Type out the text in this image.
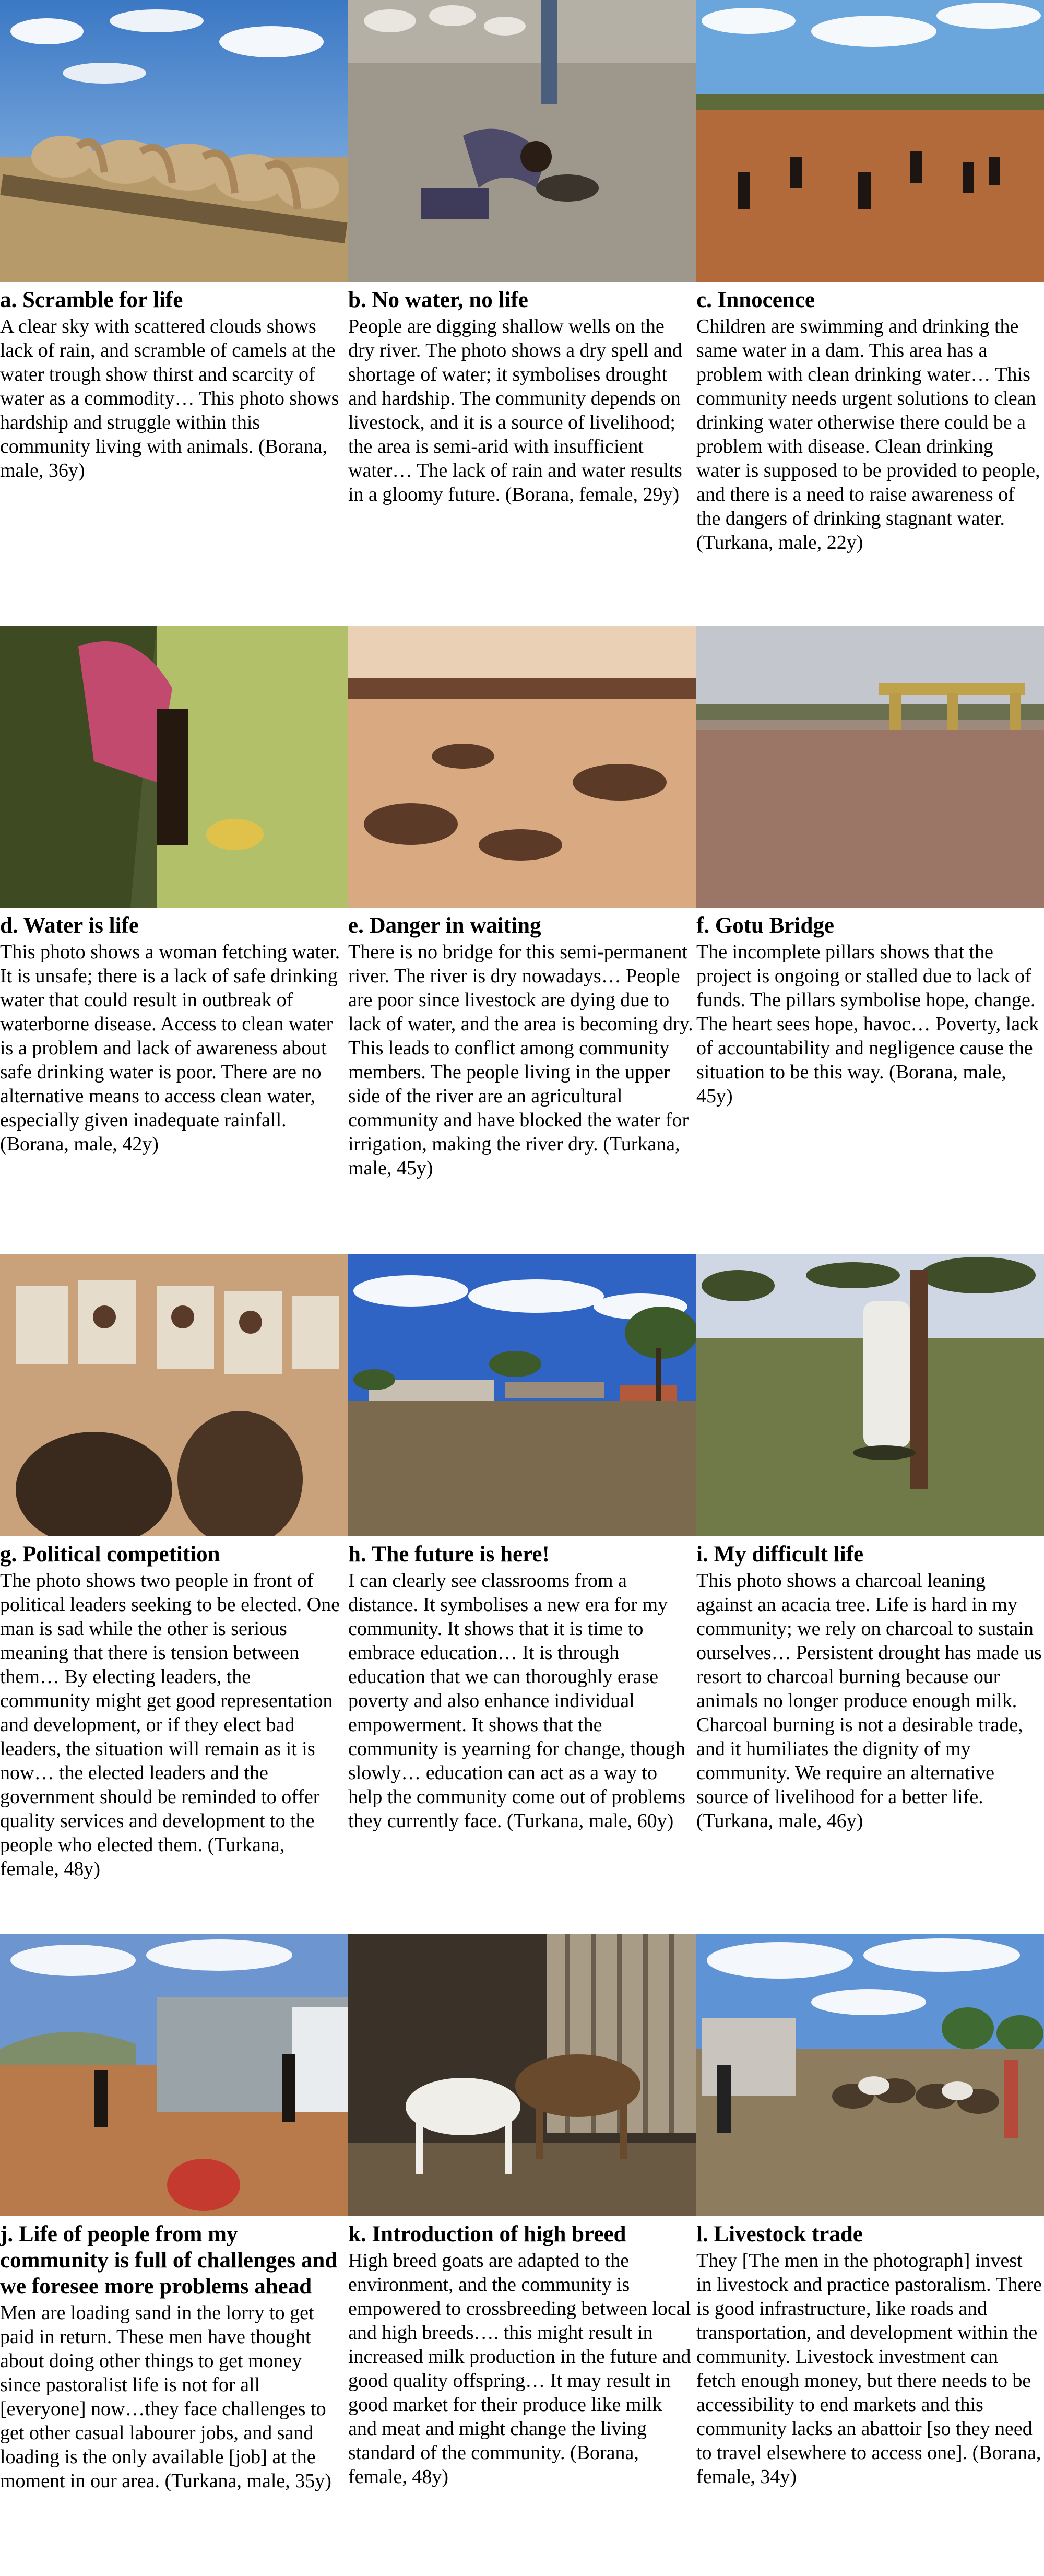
a. Scramble for life
A clear sky with scattered clouds shows lack of rain, and scramble of camels at the water trough show thirst and scarcity of water as a commodity… This photo shows hardship and struggle within this community living with animals. (Borana, male, 36y)
b. No water, no life
People are digging shallow wells on the dry river. The photo shows a dry spell and shortage of water; it symbolises drought and hardship. The community depends on livestock, and it is a source of livelihood; the area is semi-arid with insufficient water… The lack of rain and water results in a gloomy future. (Borana, female, 29y)
c. Innocence
Children are swimming and drinking the same water in a dam. This area has a problem with clean drinking water… This community needs urgent solutions to clean drinking water otherwise there could be a problem with disease. Clean drinking water is supposed to be provided to people, and there is a need to raise awareness of the dangers of drinking stagnant water. (Turkana, male, 22y)
d. Water is life
This photo shows a woman fetching water. It is unsafe; there is a lack of safe drinking water that could result in outbreak of waterborne disease. Access to clean water is a problem and lack of awareness about safe drinking water is poor. There are no alternative means to access clean water, especially given inadequate rainfall. (Borana, male, 42y)
e. Danger in waiting
There is no bridge for this semi-permanent river. The river is dry nowadays… People are poor since livestock are dying due to lack of water, and the area is becoming dry. This leads to conflict among community members. The people living in the upper side of the river are an agricultural community and have blocked the water for irrigation, making the river dry. (Turkana, male, 45y)
f. Gotu Bridge
The incomplete pillars shows that the project is ongoing or stalled due to lack of funds. The pillars symbolise hope, change. The heart sees hope, havoc… Poverty, lack of accountability and negligence cause the situation to be this way. (Borana, male, 45y)
g. Political competition
The photo shows two people in front of political leaders seeking to be elected. One man is sad while the other is serious meaning that there is tension between them… By electing leaders, the community might get good representation and development, or if they elect bad leaders, the situation will remain as it is now… the elected leaders and the government should be reminded to offer quality services and development to the people who elected them. (Turkana, female, 48y)
h. The future is here!
I can clearly see classrooms from a distance. It symbolises a new era for my community. It shows that it is time to embrace education… It is through education that we can thoroughly erase poverty and also enhance individual empowerment. It shows that the community is yearning for change, though slowly… education can act as a way to help the community come out of problems they currently face. (Turkana, male, 60y)
i. My difficult life
This photo shows a charcoal leaning against an acacia tree. Life is hard in my community; we rely on charcoal to sustain ourselves… Persistent drought has made us resort to charcoal burning because our animals no longer produce enough milk. Charcoal burning is not a desirable trade, and it humiliates the dignity of my community. We require an alternative source of livelihood for a better life. (Turkana, male, 46y)
j. Life of people from my community is full of challenges and we foresee more problems ahead
Men are loading sand in the lorry to get paid in return. These men have thought about doing other things to get money since pastoralist life is not for all [everyone] now…they face challenges to get other casual labourer jobs, and sand loading is the only available [job] at the moment in our area. (Turkana, male, 35y)
k. Introduction of high breed
High breed goats are adapted to the environment, and the community is empowered to crossbreeding between local and high breeds…. this might result in increased milk production in the future and good quality offspring… It may result in good market for their produce like milk and meat and might change the living standard of the community. (Borana, female, 48y)
l. Livestock trade
They [The men in the photograph] invest in livestock and practice pastoralism. There is good infrastructure, like roads and transportation, and development within the community. Livestock investment can fetch enough money, but there needs to be accessibility to end markets and this community lacks an abattoir [so they need to travel elsewhere to access one]. (Borana, female, 34y)
